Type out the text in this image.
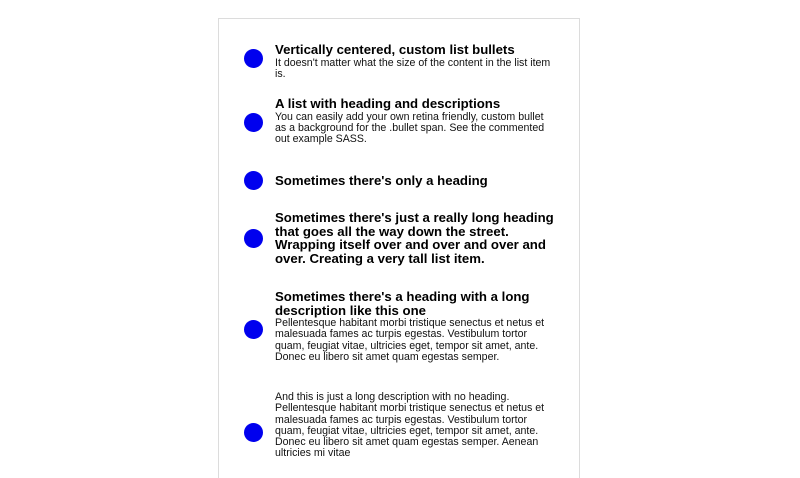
Vertically centered, custom list bullets

It doesn't matter what the size of the content in the list item is.

A list with heading and descriptions

You can easily add your own retina friendly, custom bullet as a background for the .bullet span. See the commented out example SASS.

Sometimes there's only a heading
Sometimes there's just a really long heading that goes all the way down the street. Wrapping itself over and over and over and over. Creating a very tall list item.
Sometimes there's a heading with a long description like this one

Pellentesque habitant morbi tristique senectus et netus et malesuada fames ac turpis egestas. Vestibulum tortor quam, feugiat vitae, ultricies eget, tempor sit amet, ante. Donec eu libero sit amet quam egestas semper.

And this is just a long description with no heading. Pellentesque habitant morbi tristique senectus et netus et malesuada fames ac turpis egestas. Vestibulum tortor quam, feugiat vitae, ultricies eget, tempor sit amet, ante. Donec eu libero sit amet quam egestas semper. Aenean ultricies mi vitae
